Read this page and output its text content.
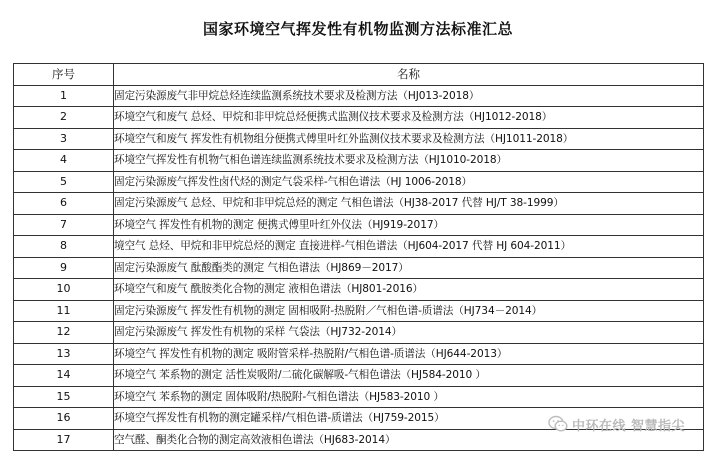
国家环境空气挥发性有机物监测方法标准汇总
序号	名称
1	固定污染源废气非甲烷总烃连续监测系统技术要求及检测方法（HJ013-2018）
2	环境空气和废气 总烃、甲烷和非甲烷总烃便携式监测仪技术要求及检测方法（HJ1012-2018）
3	环境空气和废气 挥发性有机物组分便携式傅里叶红外监测仪技术要求及检测方法（HJ1011-2018）
4	环境空气挥发性有机物气相色谱连续监测系统技术要求及检测方法（HJ1010-2018）
5	固定污染源废气挥发性卤代烃的测定气袋采样-气相色谱法（HJ 1006-2018）
6	固定污染源废气 总烃、甲烷和非甲烷总烃的测定 气相色谱法（HJ38-2017 代替 HJ/T 38-1999）
7	环境空气 挥发性有机物的测定 便携式傅里叶红外仪法（HJ919-2017）
8	境空气 总烃、甲烷和非甲烷总烃的测定 直接进样-气相色谱法（HJ604-2017 代替 HJ 604-2011）
9	固定污染源废气 酞酸酯类的测定 气相色谱法（HJ869－2017）
10	环境空气和废气 酰胺类化合物的测定 液相色谱法（HJ801-2016）
11	固定污染源废气 挥发性有机物的测定 固相吸附-热脱附／气相色谱-质谱法（HJ734－2014）
12	固定污染源废气 挥发性有机物的采样 气袋法（HJ732-2014）
13	环境空气 挥发性有机物的测定 吸附管采样-热脱附/气相色谱-质谱法（HJ644-2013）
14	环境空气 苯系物的测定 活性炭吸附/二硫化碳解吸-气相色谱法（HJ584-2010 ）
15	环境空气 苯系物的测定 固体吸附/热脱附-气相色谱法（HJ583-2010 ）
16	环境空气挥发性有机物的测定罐采样/气相色谱-质谱法（HJ759-2015）
17	空气醛、酮类化合物的测定高效液相色谱法（HJ683-2014）
中环在线 智慧指尖
